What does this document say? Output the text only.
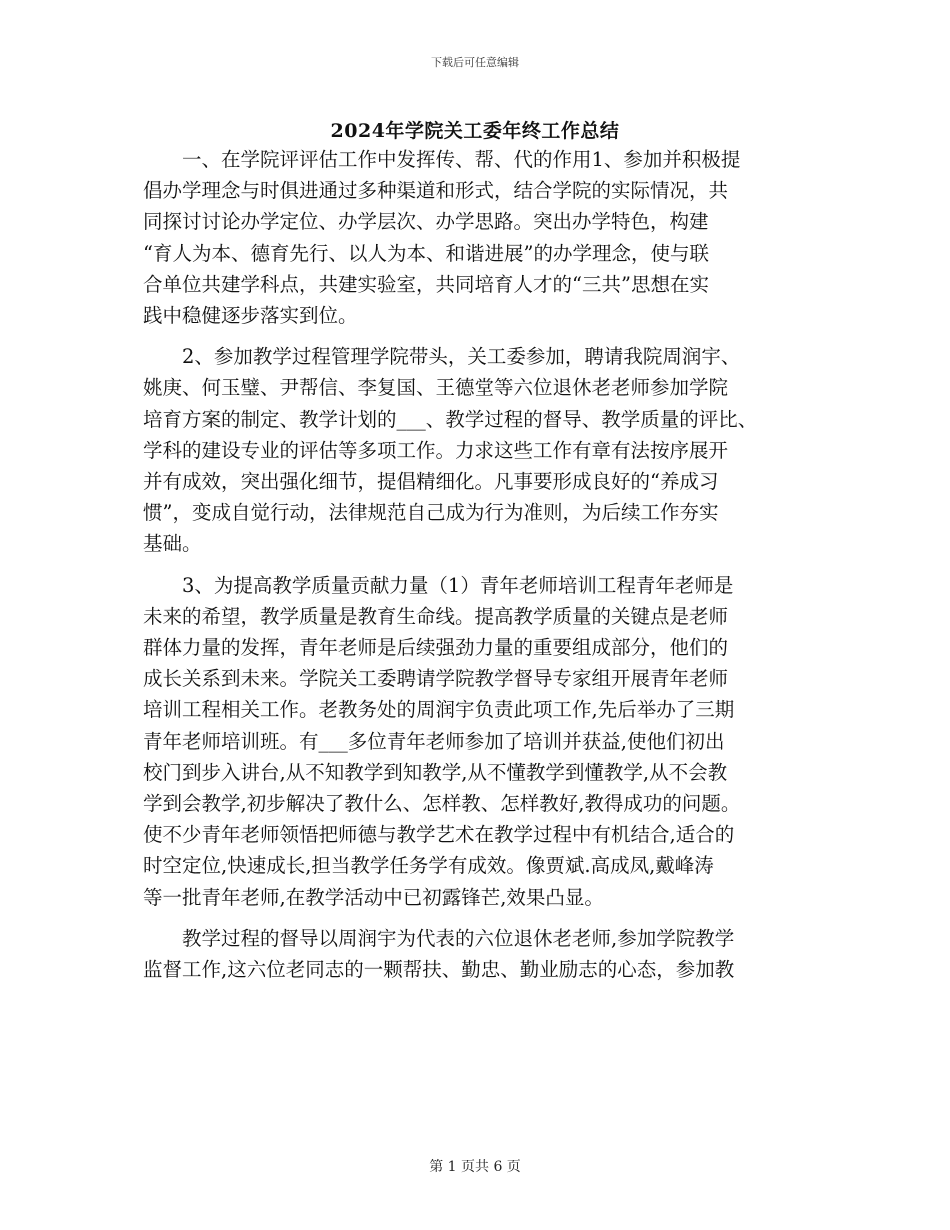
下载后可任意编辑
2024年学院关工委年终工作总结

　　一、在学院评评估工作中发挥传、帮、代的作用1、参加并积极提

倡办学理念与时俱进通过多种渠道和形式，结合学院的实际情况，共

同探讨讨论办学定位、办学层次、办学思路。突出办学特色，构建

“育人为本、德育先行、以人为本、和谐进展”的办学理念，使与联

合单位共建学科点，共建实验室，共同培育人才的“三共”思想在实

践中稳健逐步落实到位。

　　2、参加教学过程管理学院带头，关工委参加，聘请我院周润宇、

姚庚、何玉璧、尹帮信、李复国、王德堂等六位退休老老师参加学院

培育方案的制定、教学计划的___、教学过程的督导、教学质量的评比、

学科的建设专业的评估等多项工作。力求这些工作有章有法按序展开

并有成效，突出强化细节，提倡精细化。凡事要形成良好的“养成习

惯”，变成自觉行动，法律规范自己成为行为准则，为后续工作夯实

基础。

　　3、为提高教学质量贡献力量（1）青年老师培训工程青年老师是

未来的希望，教学质量是教育生命线。提高教学质量的关键点是老师

群体力量的发挥，青年老师是后续强劲力量的重要组成部分，他们的

成长关系到未来。学院关工委聘请学院教学督导专家组开展青年老师

培训工程相关工作。老教务处的周润宇负责此项工作,先后举办了三期

青年老师培训班。有___多位青年老师参加了培训并获益,使他们初出

校门到步入讲台,从不知教学到知教学,从不懂教学到懂教学,从不会教

学到会教学,初步解决了教什么、怎样教、怎样教好,教得成功的问题。

使不少青年老师领悟把师德与教学艺术在教学过程中有机结合,适合的

时空定位,快速成长,担当教学任务学有成效。像贾斌.高成凤,戴峰涛

等一批青年老师,在教学活动中已初露锋芒,效果凸显。

　　教学过程的督导以周润宇为代表的六位退休老老师,参加学院教学

监督工作,这六位老同志的一颗帮扶、勤忠、勤业励志的心态，参加教

第 1 页共 6 页
